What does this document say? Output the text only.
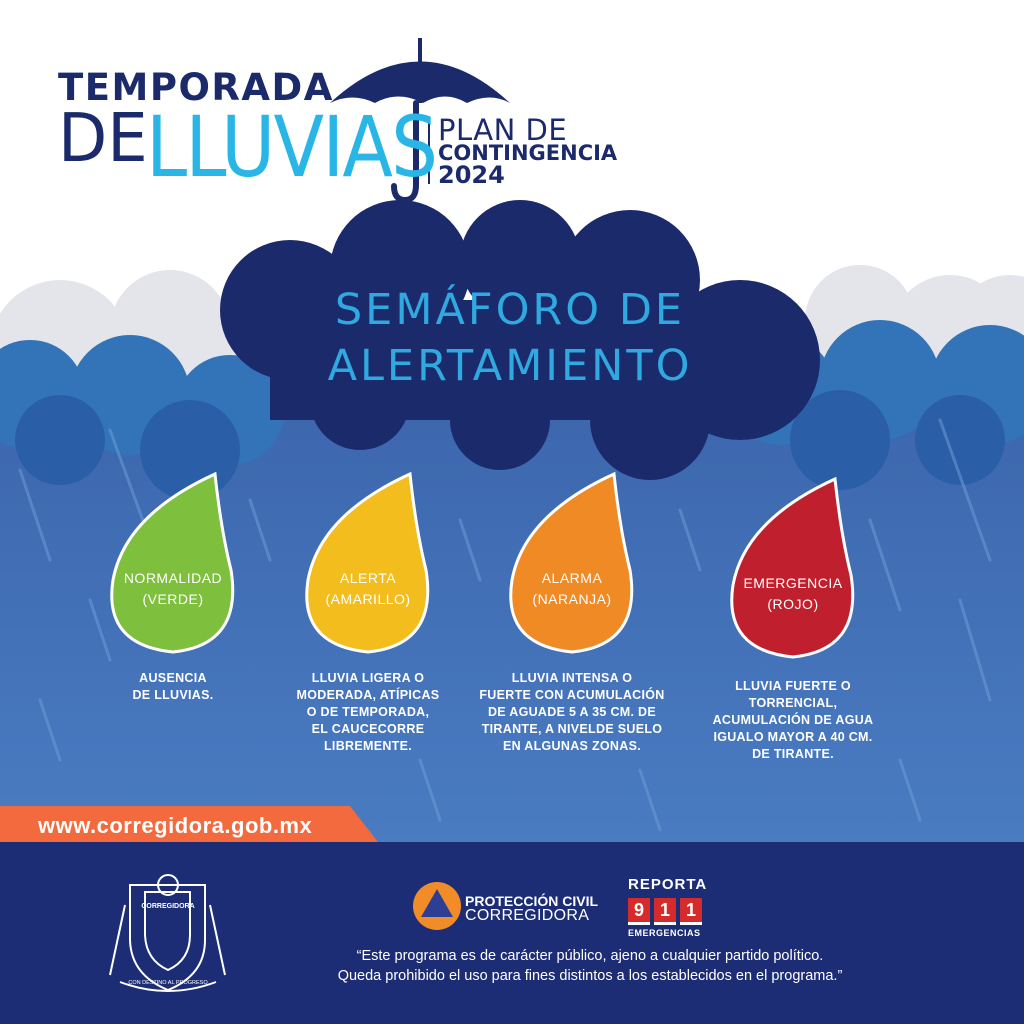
TEMPORADA
DE
LLUVIAS PLAN DE
CONTINGENCIA
2024
SEMÁFORO DE
ALERTAMIENTO
NORMALIDAD
(VERDE)
AUSENCIA
DE LLUVIAS.
ALERTA
(AMARILLO)
LLUVIA LIGERA O
MODERADA, ATÍPICAS
O DE TEMPORADA,
EL CAUCECORRE
LIBREMENTE.
ALARMA
(NARANJA)
LLUVIA INTENSA O
FUERTE CON ACUMULACIÓN
DE AGUADE 5 A 35 CM. DE
TIRANTE, A NIVELDE SUELO
EN ALGUNAS ZONAS.
EMERGENCIA
(ROJO)
LLUVIA FUERTE O
TORRENCIAL,
ACUMULACIÓN DE AGUA
IGUALO MAYOR A 40 CM.
DE TIRANTE.
www.corregidora.gob.mx
PROTECCIÓN CIVIL
CORREGIDORA
REPORTA
9 1 1
EMERGENCIAS
CORREGIDORA
CON DESTINO AL PROGRESO
“Este programa es de carácter público, ajeno a cualquier partido político.
Queda prohibido el uso para fines distintos a los establecidos en el programa.”
